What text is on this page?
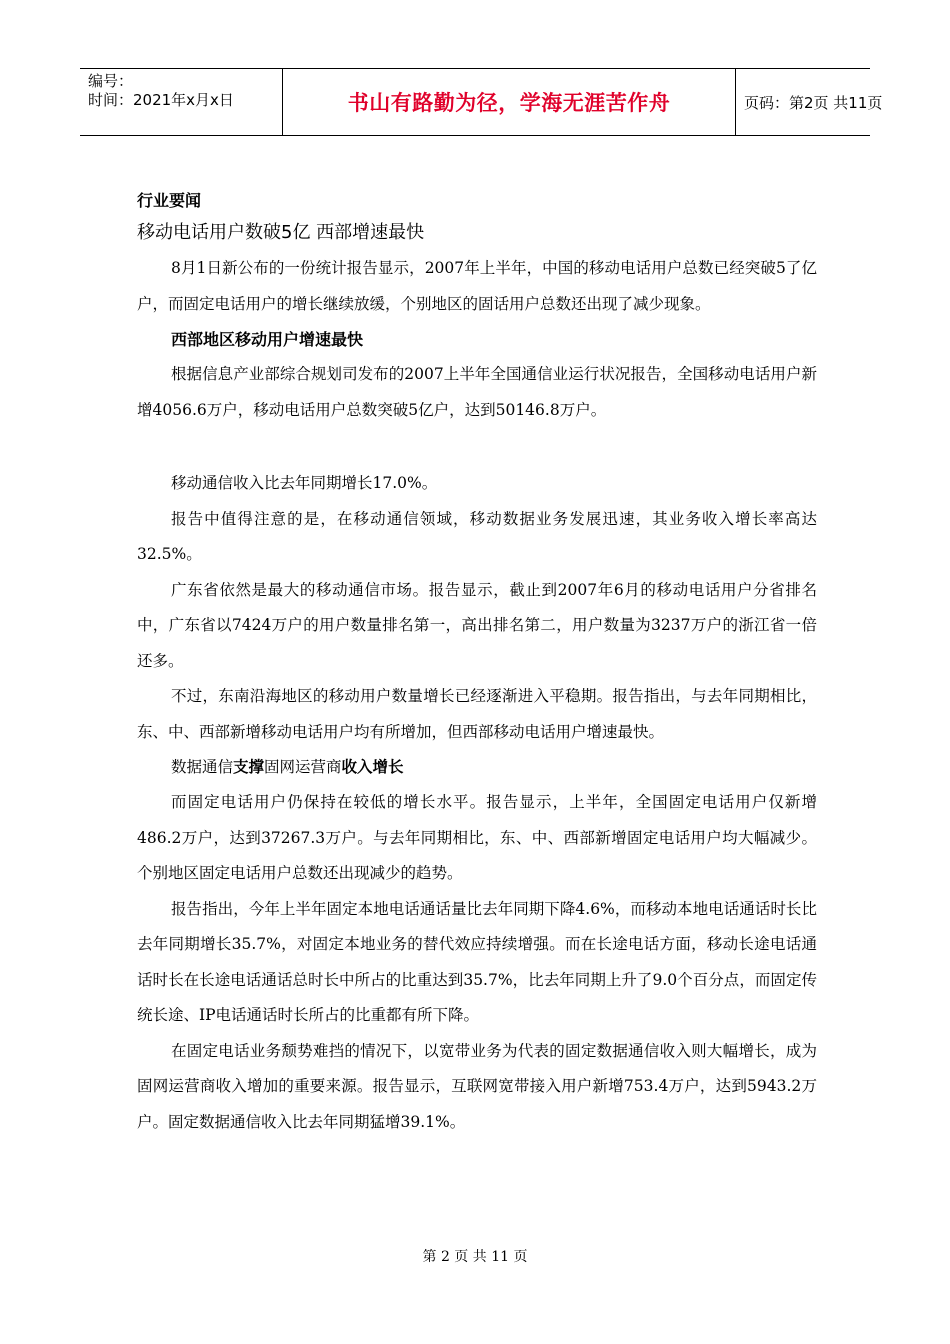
编号：
时间：2021年x月x日	书山有路勤为径，学海无涯苦作舟	页码：第2页 共11页
行业要闻
移动电话用户数破5亿 西部增速最快

8月1日新公布的一份统计报告显示，2007年上半年，中国的移动电话用户总数已经突破5了亿户，而固定电话用户的增长继续放缓，个别地区的固话用户总数还出现了减少现象。

西部地区移动用户增速最快

根据信息产业部综合规划司发布的2007上半年全国通信业运行状况报告，全国移动电话用户新增4056.6万户，移动电话用户总数突破5亿户，达到50146.8万户。

移动通信收入比去年同期增长17.0%。

报告中值得注意的是，在移动通信领域，移动数据业务发展迅速，其业务收入增长率高达32.5%。

广东省依然是最大的移动通信市场。报告显示，截止到2007年6月的移动电话用户分省排名中，广东省以7424万户的用户数量排名第一，高出排名第二，用户数量为3237万户的浙江省一倍还多。

不过，东南沿海地区的移动用户数量增长已经逐渐进入平稳期。报告指出，与去年同期相比，东、中、西部新增移动电话用户均有所增加，但西部移动电话用户增速最快。

数据通信支撑固网运营商收入增长

而固定电话用户仍保持在较低的增长水平。报告显示，上半年，全国固定电话用户仅新增486.2万户，达到37267.3万户。与去年同期相比，东、中、西部新增固定电话用户均大幅减少。个别地区固定电话用户总数还出现减少的趋势。

报告指出，今年上半年固定本地电话通话量比去年同期下降4.6%，而移动本地电话通话时长比去年同期增长35.7%，对固定本地业务的替代效应持续增强。而在长途电话方面，移动长途电话通话时长在长途电话通话总时长中所占的比重达到35.7%，比去年同期上升了9.0个百分点，而固定传统长途、IP电话通话时长所占的比重都有所下降。

在固定电话业务颓势难挡的情况下，以宽带业务为代表的固定数据通信收入则大幅增长，成为固网运营商收入增加的重要来源。报告显示，互联网宽带接入用户新增753.4万户，达到5943.2万户。固定数据通信收入比去年同期猛增39.1%。

第 2 页 共 11 页
